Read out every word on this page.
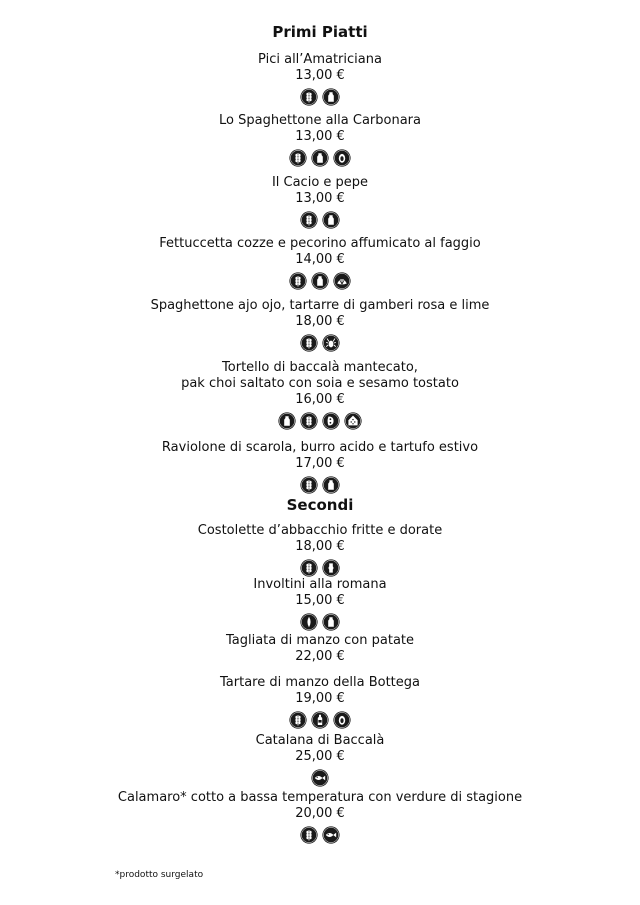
Primi Piatti
Pici all’Amatriciana
13,00 €
Lo Spaghettone alla Carbonara
13,00 €
Il Cacio e pepe
13,00 €
Fettuccetta cozze e pecorino affumicato al faggio
14,00 €
Spaghettone ajo ojo, tartarre di gamberi rosa e lime
18,00 €
Tortello di baccalà mantecato,
pak choi saltato con soia e sesamo tostato
16,00 €
Raviolone di scarola, burro acido e tartufo estivo
17,00 €
Secondi
Costolette d’abbacchio fritte e dorate
18,00 €
Involtini alla romana
15,00 €
Tagliata di manzo con patate
22,00 €
Tartare di manzo della Bottega
19,00 €
Catalana di Baccalà
25,00 €
Calamaro* cotto a bassa temperatura con verdure di stagione
20,00 €
*prodotto surgelato
